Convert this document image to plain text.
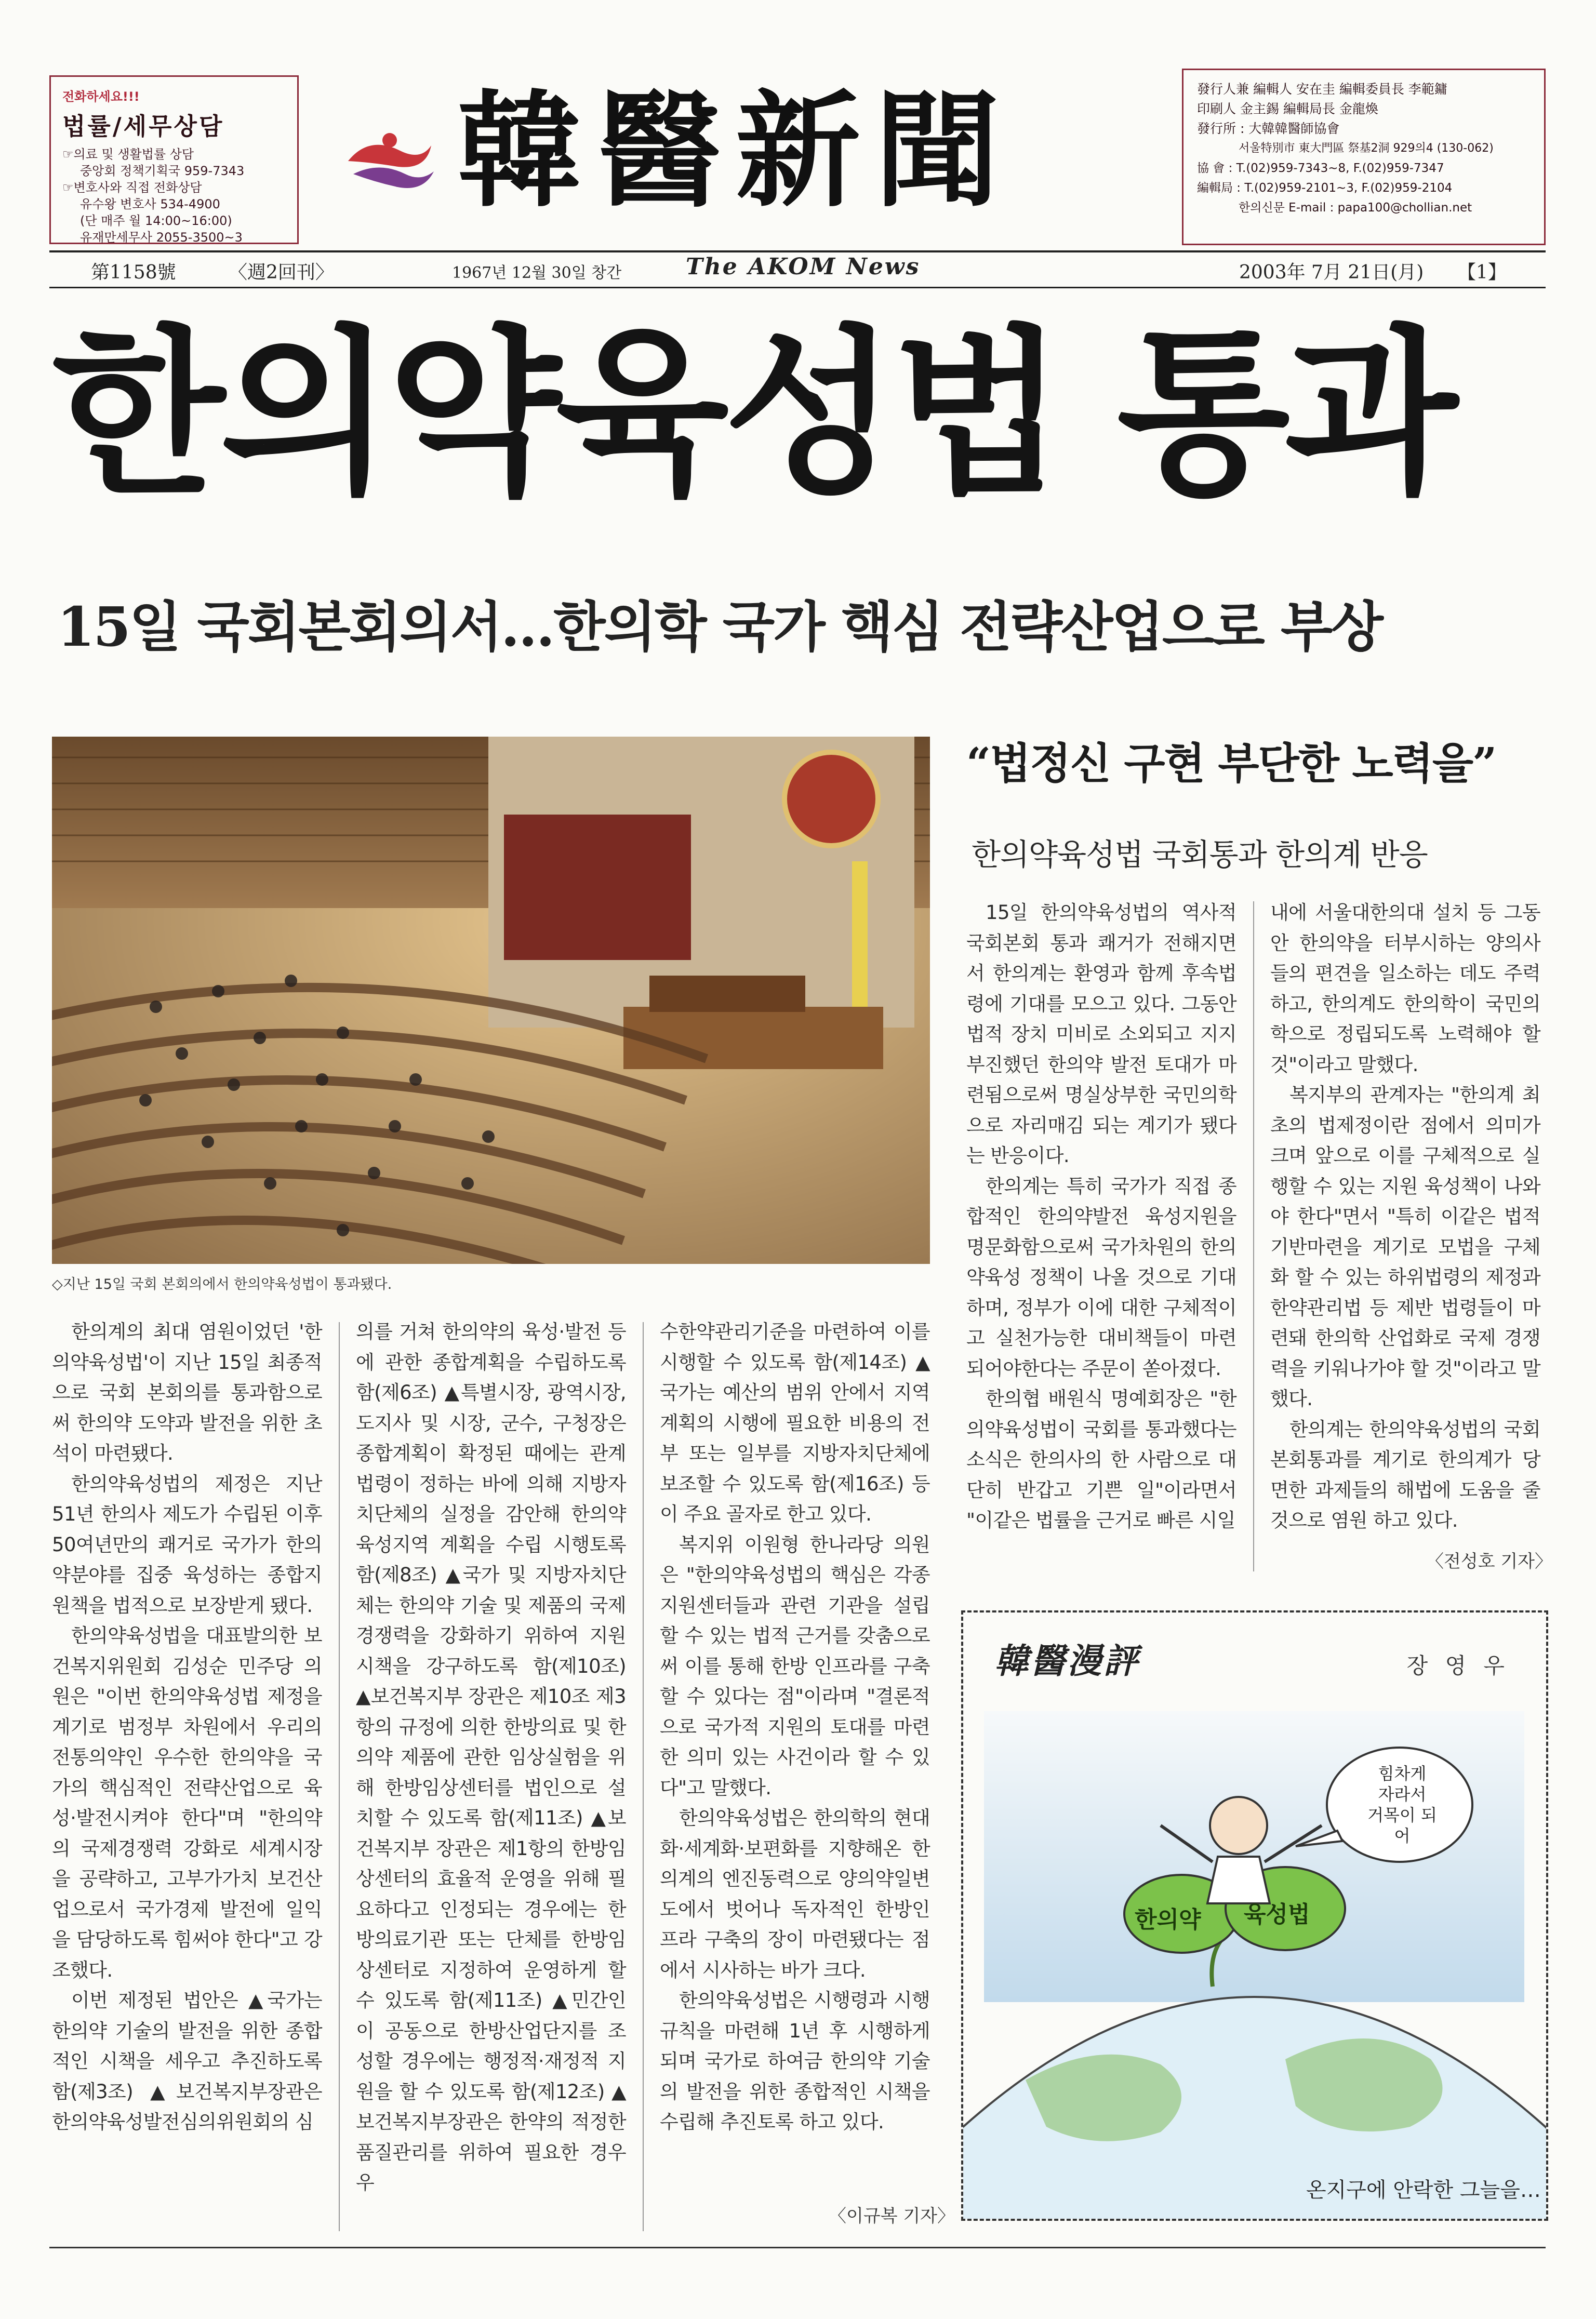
전화하세요!!!
법률/세무상담
☞의료 및 생활법률 상담
중앙회 정책기획국 959-7343
☞변호사와 직접 전화상담
유수왕 변호사 534-4900
(단 매주 월 14:00~16:00)
유재만세무사 2055-3500~3
韓醫新聞	發行人兼 編輯人 安在圭 編輯委員長 李範鏞
印刷人 金主錫 編輯局長 金龍煥
發行所 : 大韓韓醫師協會
서울特別市 東大門區 祭基2洞 929의4 (130-062)
協 會 : T.(02)959-7343~8, F.(02)959-7347
編輯局 : T.(02)959-2101~3, F.(02)959-2104
한의신문 E-mail : papa100@chollian.net
第1158號	〈週2回刊〉	1967년 12월 30일 창간	The AKOM News	2003年 7月 21日(月) 【1】
한의약육성법 통과
15일 국회본회의서…한의학 국가 핵심 전략산업으로 부상
◇지난 15일 국회 본회의에서 한의약육성법이 통과됐다.
“법정신 구현 부단한 노력을”
한의약육성법 국회통과 한의계 반응

15일 한의약육성법의 역사적 국회본회 통과 쾌거가 전해지면서 한의계는 환영과 함께 후속법령에 기대를 모으고 있다. 그동안 법적 장치 미비로 소외되고 지지부진했던 한의약 발전 토대가 마련됨으로써 명실상부한 국민의학으로 자리매김 되는 계기가 됐다는 반응이다.

한의계는 특히 국가가 직접 종합적인 한의약발전 육성지원을 명문화함으로써 국가차원의 한의약육성 정책이 나올 것으로 기대하며, 정부가 이에 대한 구체적이고 실천가능한 대비책들이 마련되어야한다는 주문이 쏟아졌다.

한의협 배원식 명예회장은 "한의약육성법이 국회를 통과했다는 소식은 한의사의 한 사람으로 대단히 반갑고 기쁜 일"이라면서 "이같은 법률을 근거로 빠른 시일

내에 서울대한의대 설치 등 그동안 한의약을 터부시하는 양의사들의 편견을 일소하는 데도 주력하고, 한의계도 한의학이 국민의학으로 정립되도록 노력해야 할 것"이라고 말했다.

복지부의 관계자는 "한의계 최초의 법제정이란 점에서 의미가 크며 앞으로 이를 구체적으로 실행할 수 있는 지원 육성책이 나와야 한다"면서 "특히 이같은 법적 기반마련을 계기로 모법을 구체화 할 수 있는 하위법령의 제정과 한약관리법 등 제반 법령들이 마련돼 한의학 산업화로 국제 경쟁력을 키워나가야 할 것"이라고 말했다.

한의계는 한의약육성법의 국회본회통과를 계기로 한의계가 당면한 과제들의 해법에 도움을 줄 것으로 염원 하고 있다.

〈전성호 기자〉

한의계의 최대 염원이었던 '한의약육성법'이 지난 15일 최종적으로 국회 본회의를 통과함으로써 한의약 도약과 발전을 위한 초석이 마련됐다.

한의약육성법의 제정은 지난 51년 한의사 제도가 수립된 이후 50여년만의 쾌거로 국가가 한의약분야를 집중 육성하는 종합지원책을 법적으로 보장받게 됐다.

한의약육성법을 대표발의한 보건복지위원회 김성순 민주당 의원은 "이번 한의약육성법 제정을 계기로 범정부 차원에서 우리의 전통의약인 우수한 한의약을 국가의 핵심적인 전략산업으로 육성·발전시켜야 한다"며 "한의약의 국제경쟁력 강화로 세계시장을 공략하고, 고부가가치 보건산업으로서 국가경제 발전에 일익을 담당하도록 힘써야 한다"고 강조했다.

이번 제정된 법안은 ▲국가는 한의약 기술의 발전을 위한 종합적인 시책을 세우고 추진하도록 함(제3조) ▲보건복지부장관은 한의약육성발전심의위원회의 심

의를 거쳐 한의약의 육성·발전 등에 관한 종합계획을 수립하도록 함(제6조) ▲특별시장, 광역시장, 도지사 및 시장, 군수, 구청장은 종합계획이 확정된 때에는 관계법령이 정하는 바에 의해 지방자치단체의 실정을 감안해 한의약육성지역 계획을 수립 시행토록 함(제8조) ▲국가 및 지방자치단체는 한의약 기술 및 제품의 국제경쟁력을 강화하기 위하여 지원시책을 강구하도록 함(제10조) ▲보건복지부 장관은 제10조 제3항의 규정에 의한 한방의료 및 한의약 제품에 관한 임상실험을 위해 한방임상센터를 법인으로 설치할 수 있도록 함(제11조) ▲보건복지부 장관은 제1항의 한방임상센터의 효율적 운영을 위해 필요하다고 인정되는 경우에는 한방의료기관 또는 단체를 한방임상센터로 지정하여 운영하게 할 수 있도록 함(제11조) ▲민간인이 공동으로 한방산업단지를 조성할 경우에는 행정적·재정적 지원을 할 수 있도록 함(제12조) ▲보건복지부장관은 한약의 적정한 품질관리를 위하여 필요한 경우 우

수한약관리기준을 마련하여 이를 시행할 수 있도록 함(제14조) ▲국가는 예산의 범위 안에서 지역계획의 시행에 필요한 비용의 전부 또는 일부를 지방자치단체에 보조할 수 있도록 함(제16조) 등이 주요 골자로 한고 있다.

복지위 이원형 한나라당 의원은 "한의약육성법의 핵심은 각종 지원센터들과 관련 기관을 설립할 수 있는 법적 근거를 갖춤으로써 이를 통해 한방 인프라를 구축할 수 있다는 점"이라며 "결론적으로 국가적 지원의 토대를 마련한 의미 있는 사건이라 할 수 있다"고 말했다.

한의약육성법은 한의학의 현대화·세계화·보편화를 지향해온 한의계의 엔진동력으로 양의약일변도에서 벗어나 독자적인 한방인프라 구축의 장이 마련됐다는 점에서 시사하는 바가 크다.

한의약육성법은 시행령과 시행규칙을 마련해 1년 후 시행하게 되며 국가로 하여금 한의약 기술의 발전을 위한 종합적인 시책을 수립해 추진토록 하고 있다.

〈이규복 기자〉
韓醫漫評	장 영 우
힘차게
자라서
거목이 되어
한의약 육성법
온지구에 안락한 그늘을…
